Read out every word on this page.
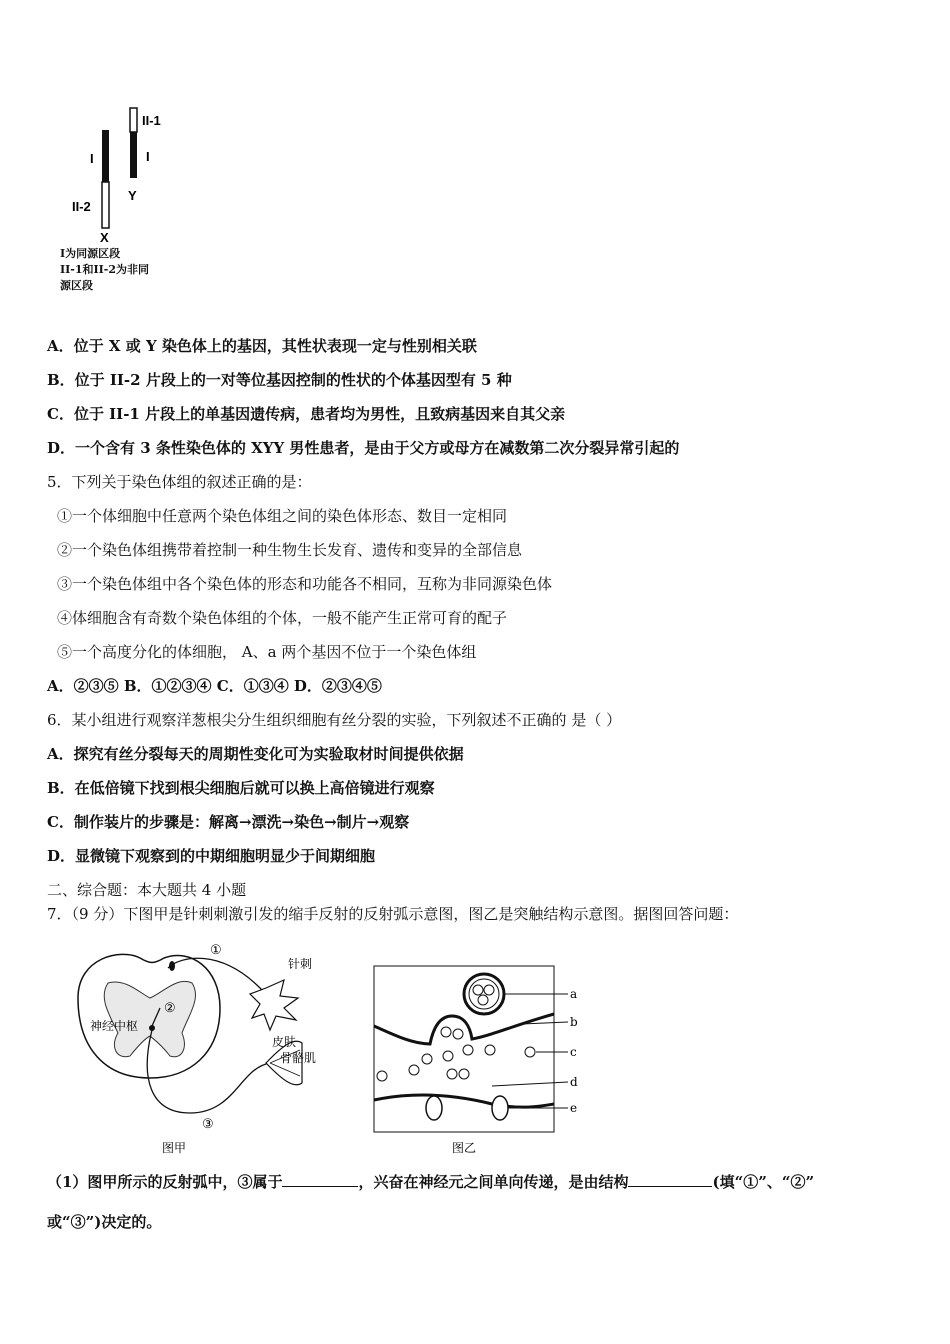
II-1
I	I
II-2
Y
X
I为同源区段
II-1和II-2为非同
源区段
A．位于 X 或 Y 染色体上的基因，其性状表现一定与性别相关联
B．位于 II-2 片段上的一对等位基因控制的性状的个体基因型有 5 种
C．位于 II-1 片段上的单基因遗传病，患者均为男性，且致病基因来自其父亲
D．一个含有 3 条性染色体的 XYY 男性患者，是由于父方或母方在减数第二次分裂异常引起的
5．下列关于染色体组的叙述正确的是：
①一个体细胞中任意两个染色体组之间的染色体形态、数目一定相同
②一个染色体组携带着控制一种生物生长发育、遗传和变异的全部信息
③一个染色体组中各个染色体的形态和功能各不相同，互称为非同源染色体
④体细胞含有奇数个染色体组的个体，一般不能产生正常可育的配子
⑤一个高度分化的体细胞， A、a 两个基因不位于一个染色体组
A．②③⑤ B．①②③④ C．①③④ D．②③④⑤
6．某小组进行观察洋葱根尖分生组织细胞有丝分裂的实验，下列叙述不正确的 是（ ）
A．探究有丝分裂每天的周期性变化可为实验取材时间提供依据
B．在低倍镜下找到根尖细胞后就可以换上高倍镜进行观察
C．制作装片的步骤是：解离→漂洗→染色→制片→观察
D．显微镜下观察到的中期细胞明显少于间期细胞
二、综合题：本大题共 4 小题
7．（9 分）下图甲是针刺刺激引发的缩手反射的反射弧示意图，图乙是突触结构示意图。据图回答问题：
神经中枢
①
②
③
针刺
皮肤
骨骼肌
图甲
a
b
c
d
e
图乙
（1）图甲所示的反射弧中，③属于	，兴奋在神经元之间单向传递，是由结构	(填“①”、“②”
或“③”)决定的。
